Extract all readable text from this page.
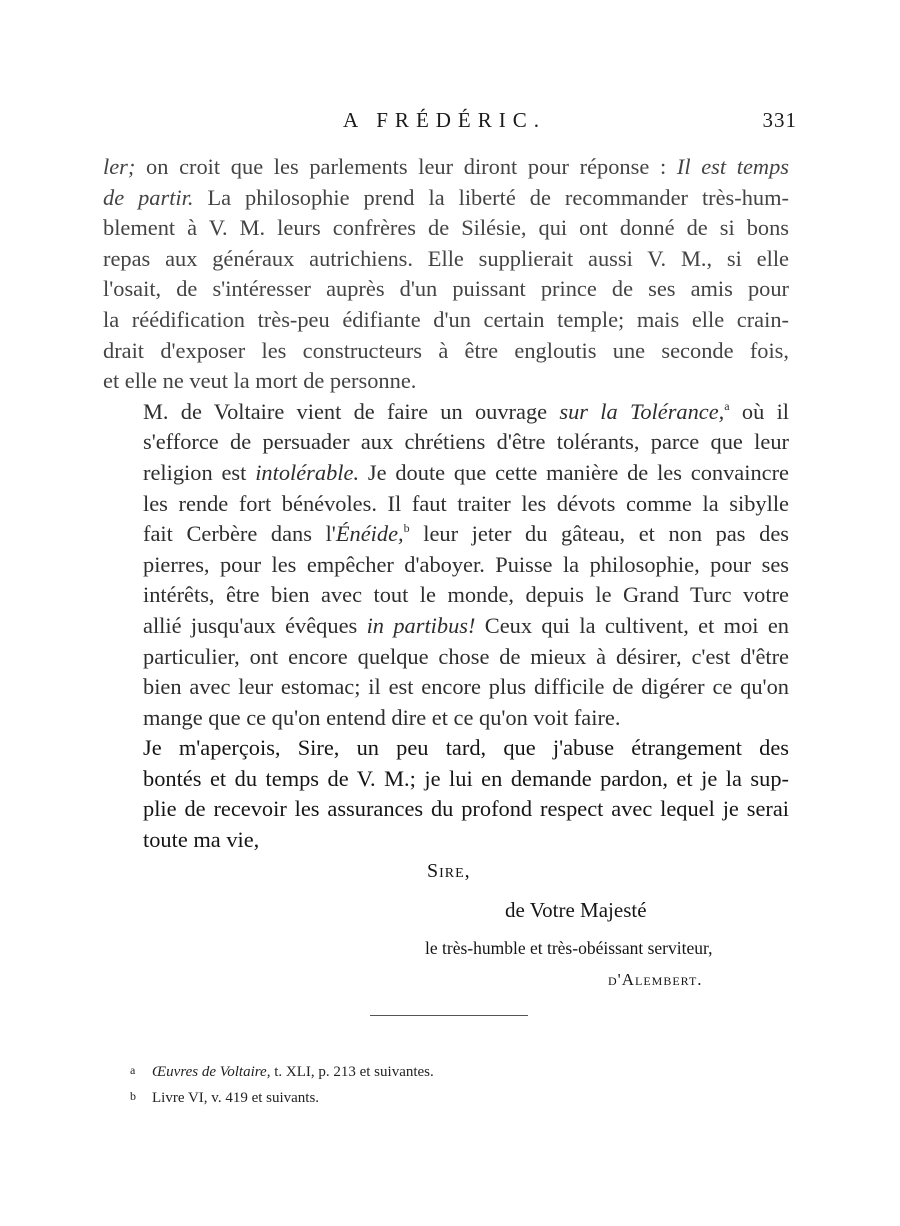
A FRÉDÉRIC.	331

ler; on croit que les parlements leur diront pour réponse : Il est temps
de partir. La philosophie prend la liberté de recommander très-hum-
blement à V. M. leurs confrères de Silésie, qui ont donné de si bons
repas aux généraux autrichiens. Elle supplierait aussi V. M., si elle
l'osait, de s'intéresser auprès d'un puissant prince de ses amis pour
la réédification très-peu édifiante d'un certain temple; mais elle crain-
drait d'exposer les constructeurs à être engloutis une seconde fois,
et elle ne veut la mort de personne.

M. de Voltaire vient de faire un ouvrage sur la Tolérance,$^a$ où il
s'efforce de persuader aux chrétiens d'être tolérants, parce que leur
religion est intolérable. Je doute que cette manière de les convaincre
les rende fort bénévoles. Il faut traiter les dévots comme la sibylle
fait Cerbère dans l'Énéide,$^b$ leur jeter du gâteau, et non pas des
pierres, pour les empêcher d'aboyer. Puisse la philosophie, pour ses
intérêts, être bien avec tout le monde, depuis le Grand Turc votre
allié jusqu'aux évêques in partibus! Ceux qui la cultivent, et moi en
particulier, ont encore quelque chose de mieux à désirer, c'est d'être
bien avec leur estomac; il est encore plus difficile de digérer ce qu'on
mange que ce qu'on entend dire et ce qu'on voit faire.

Je m'aperçois, Sire, un peu tard, que j'abuse étrangement des
bontés et du temps de V. M.; je lui en demande pardon, et je la sup-
plie de recevoir les assurances du profond respect avec lequel je serai
toute ma vie,

Sire,
de Votre Majesté
le très-humble et très-obéissant serviteur,
d'Alembert.
a Œuvres de Voltaire, t. XLI, p. 213 et suivantes.
b Livre VI, v. 419 et suivants.
